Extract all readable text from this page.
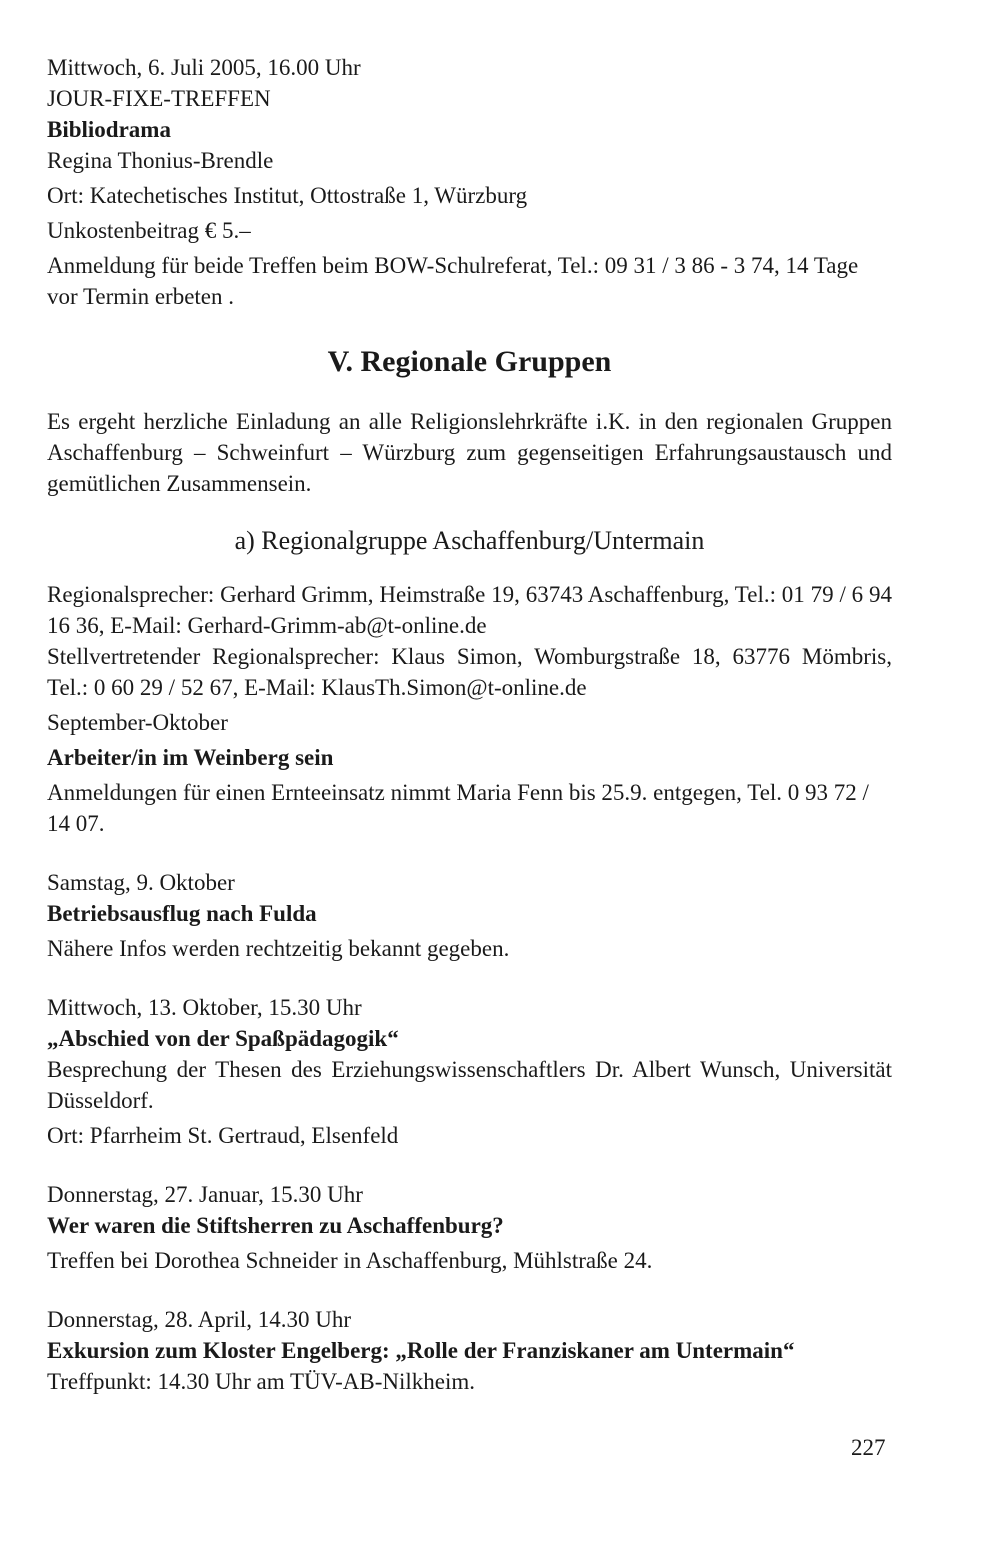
Mittwoch, 6. Juli 2005, 16.00 Uhr

JOUR-FIXE-TREFFEN

Bibliodrama

Regina Thonius-Brendle

Ort: Katechetisches Institut, Ottostraße 1, Würzburg

Unkostenbeitrag € 5.–

Anmeldung für beide Treffen beim BOW-Schulreferat, Tel.: 09 31 / 3 86 - 3 74, 14 Tage vor Termin erbeten .

V. Regionale Gruppen

Es ergeht herzliche Einladung an alle Religionslehrkräfte i.K. in den regionalen Gruppen Aschaffenburg – Schweinfurt – Würzburg zum gegenseitigen Erfahrungsaustausch und gemütlichen Zusammensein.

a) Regionalgruppe Aschaffenburg/Untermain

Regionalsprecher: Gerhard Grimm, Heimstraße 19, 63743 Aschaffenburg, Tel.: 01 79 / 6 94 16 36, E-Mail: Gerhard-Grimm-ab@t-online.de

Stellvertretender Regionalsprecher: Klaus Simon, Womburgstraße 18, 63776 Mömbris, Tel.: 0 60 29 / 52 67, E-Mail: KlausTh.Simon@t-online.de

September-Oktober

Arbeiter/in im Weinberg sein

Anmeldungen für einen Ernteeinsatz nimmt Maria Fenn bis 25.9. entgegen, Tel. 0 93 72 / 14 07.

Samstag, 9. Oktober

Betriebsausflug nach Fulda

Nähere Infos werden rechtzeitig bekannt gegeben.

Mittwoch, 13. Oktober, 15.30 Uhr

„Abschied von der Spaßpädagogik“

Besprechung der Thesen des Erziehungswissenschaftlers Dr. Albert Wunsch, Universität Düsseldorf.

Ort: Pfarrheim St. Gertraud, Elsenfeld

Donnerstag, 27. Januar, 15.30 Uhr

Wer waren die Stiftsherren zu Aschaffenburg?

Treffen bei Dorothea Schneider in Aschaffenburg, Mühlstraße 24.

Donnerstag, 28. April, 14.30 Uhr

Exkursion zum Kloster Engelberg: „Rolle der Franziskaner am Untermain“

Treffpunkt: 14.30 Uhr am TÜV-AB-Nilkheim.

227
